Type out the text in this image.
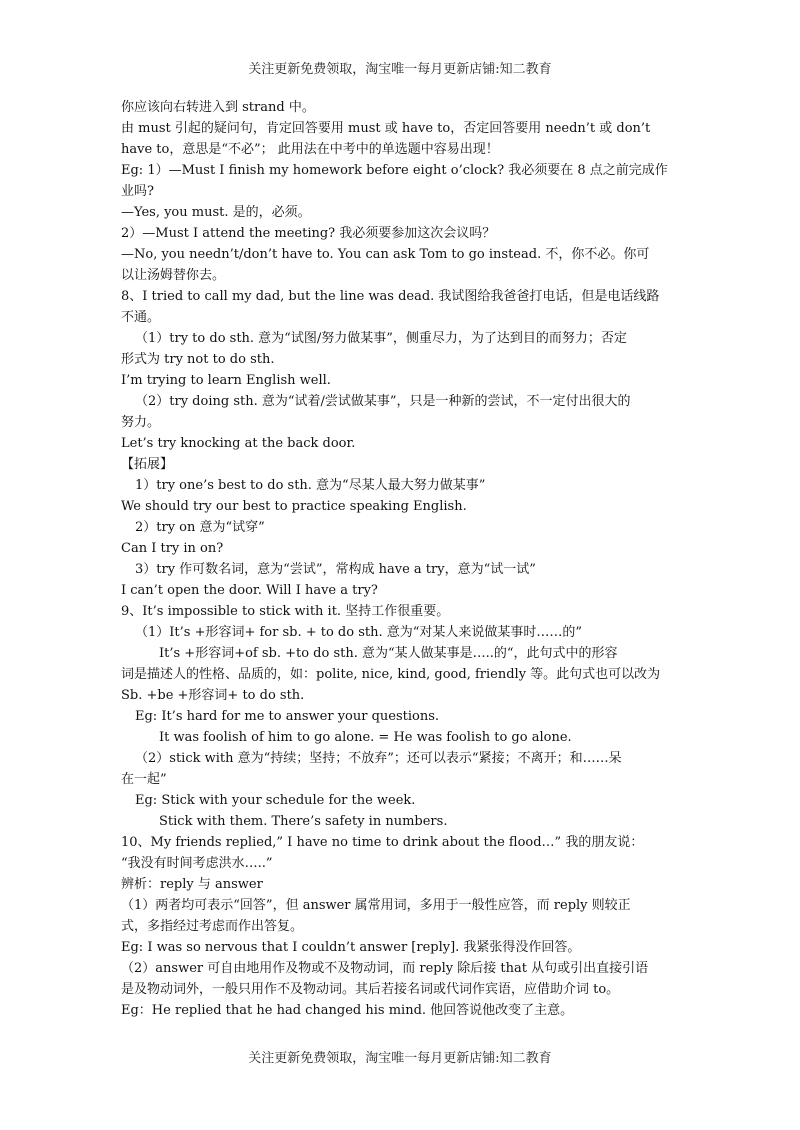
关注更新免费领取，淘宝唯一每月更新店铺:知二教育
你应该向右转进入到 strand 中。
由 must 引起的疑问句，肯定回答要用 must 或 have to，否定回答要用 needn’t 或 don’t
have to，意思是“不必”； 此用法在中考中的单选题中容易出现！
Eg: 1）—Must I finish my homework before eight o’clock? 我必须要在 8 点之前完成作
业吗?
—Yes, you must. 是的，必须。
2）—Must I attend the meeting? 我必须要参加这次会议吗？
—No, you needn’t/don’t have to. You can ask Tom to go instead. 不，你不必。你可
以让汤姆替你去。
8、I tried to call my dad, but the line was dead. 我试图给我爸爸打电话，但是电话线路
不通。
（1）try to do sth. 意为“试图/努力做某事”，侧重尽力，为了达到目的而努力；否定
形式为 try not to do sth.
I’m trying to learn English well.
（2）try doing sth. 意为“试着/尝试做某事”，只是一种新的尝试，不一定付出很大的
努力。
Let’s try knocking at the back door.
【拓展】
1）try one’s best to do sth. 意为“尽某人最大努力做某事”
We should try our best to practice speaking English.
2）try on 意为“试穿”
Can I try in on?
3）try 作可数名词，意为“尝试”，常构成 have a try，意为“试一试”
I can’t open the door. Will I have a try?
9、It’s impossible to stick with it. 坚持工作很重要。
（1）It’s +形容词+ for sb. + to do sth. 意为“对某人来说做某事时……的”
It’s +形容词+of sb. +to do sth. 意为“某人做某事是…..的“，此句式中的形容
词是描述人的性格、品质的，如：polite, nice, kind, good, friendly 等。此句式也可以改为
Sb. +be +形容词+ to do sth.
Eg: It’s hard for me to answer your questions.
It was foolish of him to go alone. = He was foolish to go alone.
（2）stick with 意为“持续；坚持；不放弃”；还可以表示“紧接；不离开；和……呆
在一起”
Eg: Stick with your schedule for the week.
Stick with them. There’s safety in numbers.
10、My friends replied,” I have no time to drink about the flood…” 我的朋友说：
“我没有时间考虑洪水…..”
辨析：reply 与 answer
（1）两者均可表示“回答”，但 answer 属常用词，多用于一般性应答，而 reply 则较正
式，多指经过考虑而作出答复。
Eg: I was so nervous that I couldn’t answer [reply]. 我紧张得没作回答。
（2）answer 可自由地用作及物或不及物动词，而 reply 除后接 that 从句或引出直接引语
是及物动词外，一般只用作不及物动词。其后若接名词或代词作宾语，应借助介词 to。
Eg：He replied that he had changed his mind. 他回答说他改变了主意。
关注更新免费领取，淘宝唯一每月更新店铺:知二教育
